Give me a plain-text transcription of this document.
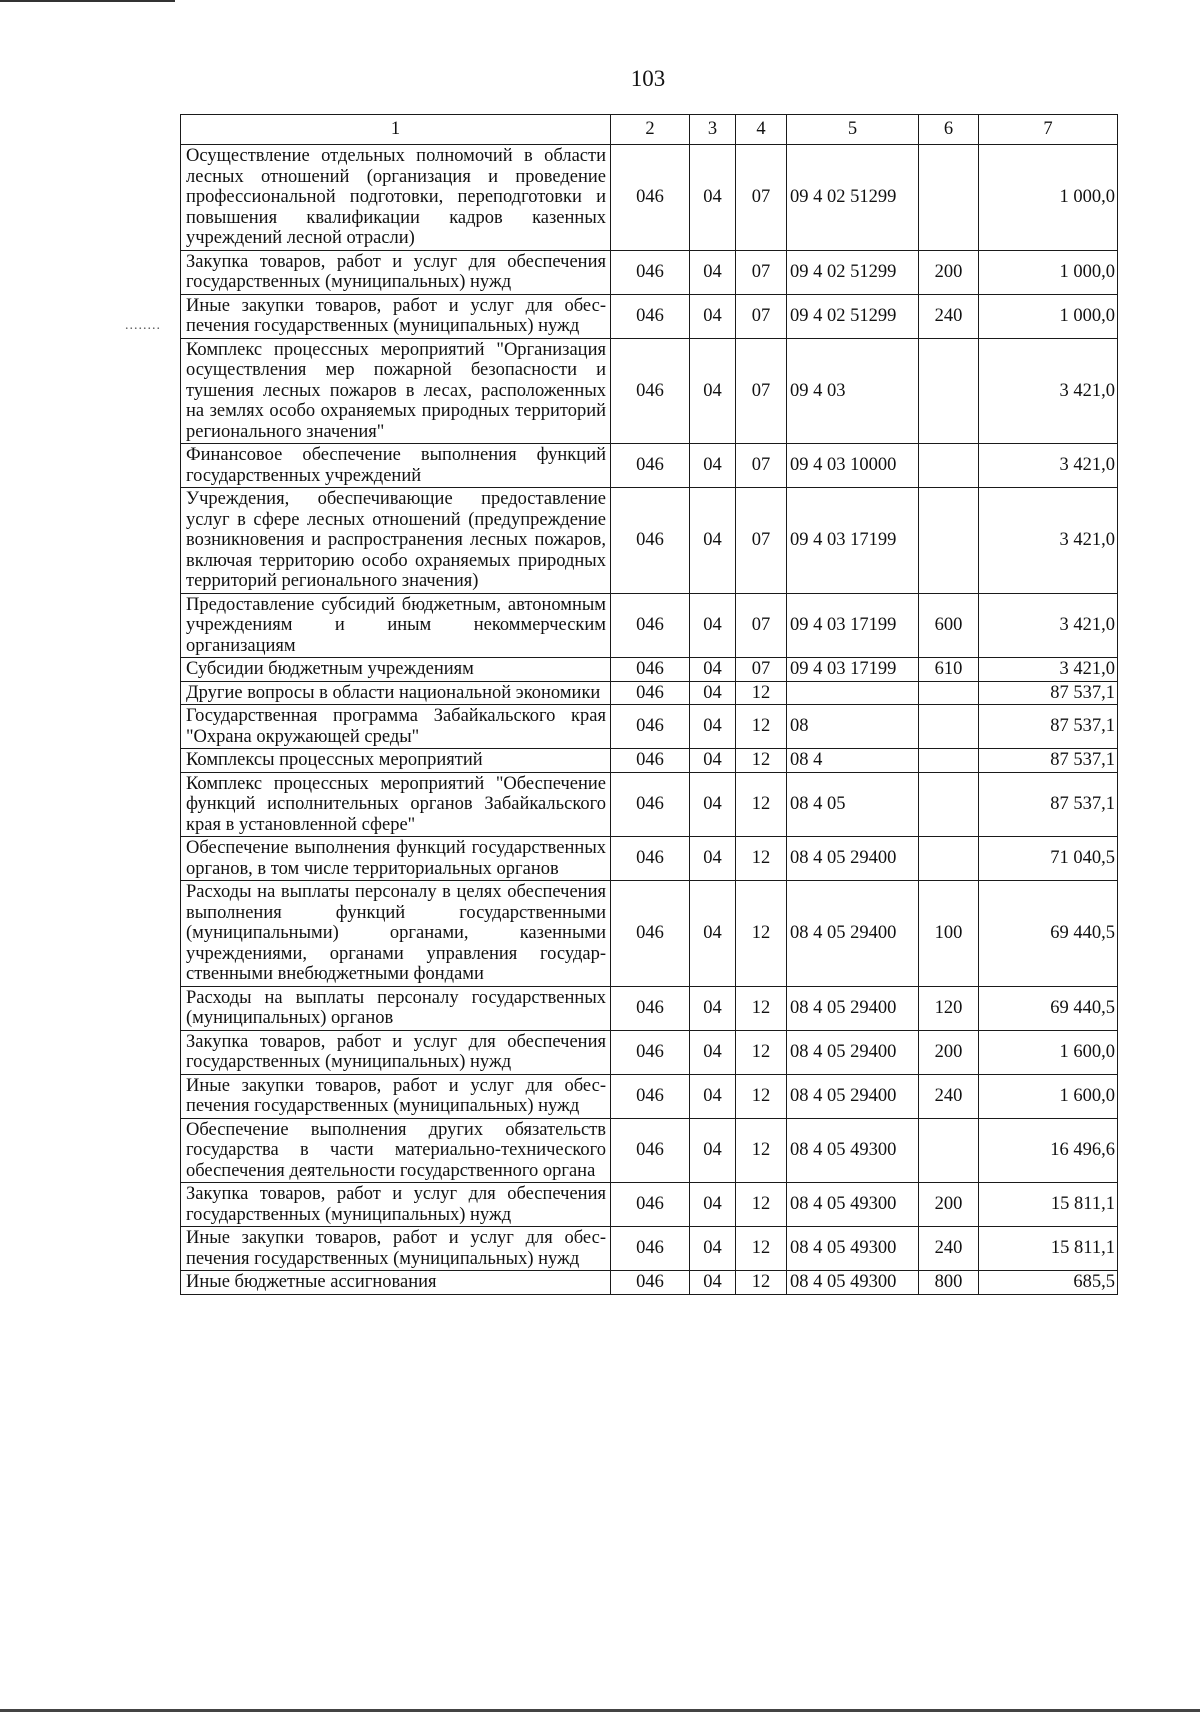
103
........
1	2	3	4	5	6	7
Осуществление отдельных полномочий в области лесных отношений (организация и проведение профессиональной подготовки, переподготовки и повышения квалификации кадров казенных учреждений лесной отрасли)	046	04	07	09 4 02 51299		1 000,0
Закупка товаров, работ и услуг для обеспечения государственных (муниципальных) нужд	046	04	07	09 4 02 51299	200	1 000,0
Иные закупки товаров, работ и услуг для обеспечения государственных (муниципальных) нужд	046	04	07	09 4 02 51299	240	1 000,0
Комплекс процессных мероприятий "Организация осуществления мер пожарной безопасности и тушения лесных пожаров в лесах, расположенных на землях особо охраняемых природных территорий регионального значения"	046	04	07	09 4 03		3 421,0
Финансовое обеспечение выполнения функций государственных учреждений	046	04	07	09 4 03 10000		3 421,0
Учреждения, обеспечивающие предоставление услуг в сфере лесных отношений (предупреждение возникновения и распространения лесных пожаров, включая территорию особо охраняемых природных территорий регионального значения)	046	04	07	09 4 03 17199		3 421,0
Предоставление субсидий бюджетным, автономным учреждениям и иным некоммерческим организациям	046	04	07	09 4 03 17199	600	3 421,0
Субсидии бюджетным учреждениям	046	04	07	09 4 03 17199	610	3 421,0
Другие вопросы в области национальной экономики	046	04	12			87 537,1
Государственная программа Забайкальского края "Охрана окружающей среды"	046	04	12	08		87 537,1
Комплексы процессных мероприятий	046	04	12	08 4		87 537,1
Комплекс процессных мероприятий "Обеспечение функций исполнительных органов Забайкальского края в установленной сфере"	046	04	12	08 4 05		87 537,1
Обеспечение выполнения функций государственных органов, в том числе территориальных органов	046	04	12	08 4 05 29400		71 040,5
Расходы на выплаты персоналу в целях обеспечения выполнения функций государственными (муниципальными) органами, казенными учреждениями, органами управления государственными внебюджетными фондами	046	04	12	08 4 05 29400	100	69 440,5
Расходы на выплаты персоналу государственных (муниципальных) органов	046	04	12	08 4 05 29400	120	69 440,5
Закупка товаров, работ и услуг для обеспечения государственных (муниципальных) нужд	046	04	12	08 4 05 29400	200	1 600,0
Иные закупки товаров, работ и услуг для обеспечения государственных (муниципальных) нужд	046	04	12	08 4 05 29400	240	1 600,0
Обеспечение выполнения других обязательств государства в части материально-технического обеспечения деятельности государственного органа	046	04	12	08 4 05 49300		16 496,6
Закупка товаров, работ и услуг для обеспечения государственных (муниципальных) нужд	046	04	12	08 4 05 49300	200	15 811,1
Иные закупки товаров, работ и услуг для обеспечения государственных (муниципальных) нужд	046	04	12	08 4 05 49300	240	15 811,1
Иные бюджетные ассигнования	046	04	12	08 4 05 49300	800	685,5
